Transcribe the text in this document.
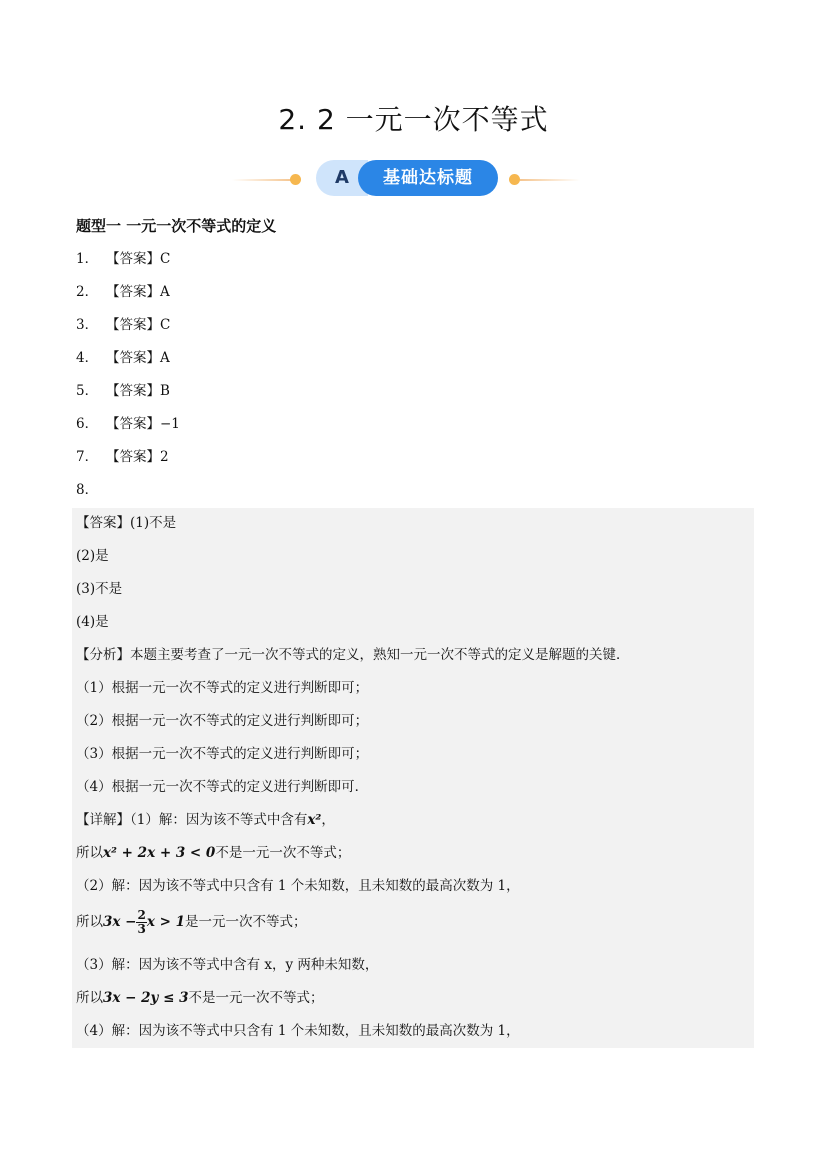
2. 2 一元一次不等式
A	基础达标题
题型一 一元一次不等式的定义
1． 【答案】C
2． 【答案】A
3． 【答案】C
4． 【答案】A
5． 【答案】B
6． 【答案】−1
7． 【答案】2
8．
【答案】(1)不是
(2)是
(3)不是
(4)是
【分析】本题主要考查了一元一次不等式的定义，熟知一元一次不等式的定义是解题的关键．
（1）根据一元一次不等式的定义进行判断即可；
（2）根据一元一次不等式的定义进行判断即可；
（3）根据一元一次不等式的定义进行判断即可；
（4）根据一元一次不等式的定义进行判断即可．
【详解】（1）解：因为该不等式中含有x²，
所以x² + 2x + 3 < 0不是一元一次不等式；
（2）解：因为该不等式中只含有 1 个未知数，且未知数的最高次数为 1，
所以$3x - \frac{2}{3}$ x > 1是一元一次不等式；
（3）解：因为该不等式中含有 x，y 两种未知数，
所以3x − 2y ≤ 3不是一元一次不等式；
（4）解：因为该不等式中只含有 1 个未知数，且未知数的最高次数为 1，
